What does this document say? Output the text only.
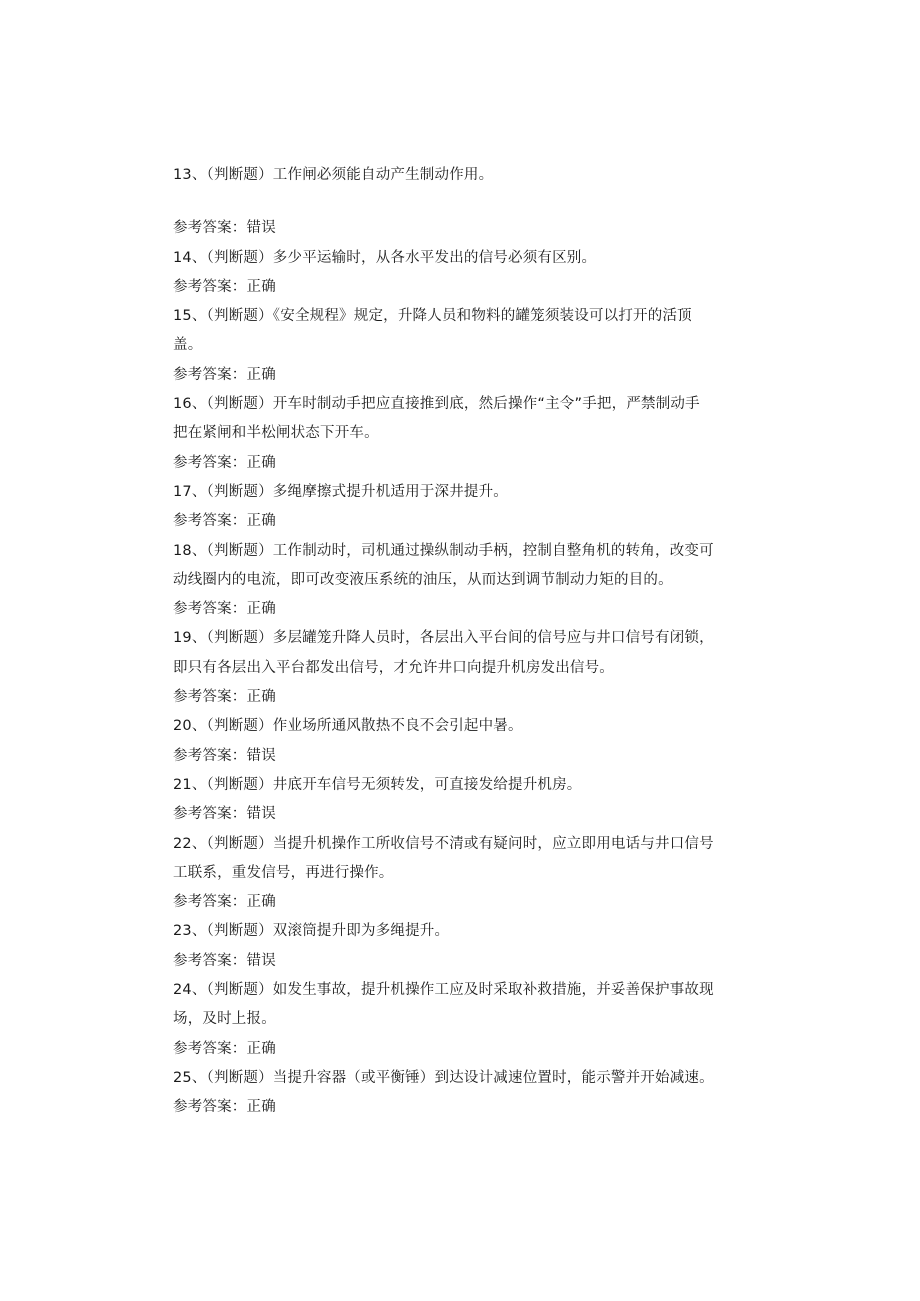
13、（判断题）工作闸必须能自动产生制动作用。
参考答案：错误
14、（判断题）多少平运输时，从各水平发出的信号必须有区别。
参考答案：正确
15、（判断题）《安全规程》规定，升降人员和物料的罐笼须装设可以打开的活顶
盖。
参考答案：正确
16、（判断题）开车时制动手把应直接推到底，然后操作“主令”手把，严禁制动手
把在紧闸和半松闸状态下开车。
参考答案：正确
17、（判断题）多绳摩擦式提升机适用于深井提升。
参考答案：正确
18、（判断题）工作制动时，司机通过操纵制动手柄，控制自整角机的转角，改变可
动线圈内的电流，即可改变液压系统的油压，从而达到调节制动力矩的目的。
参考答案：正确
19、（判断题）多层罐笼升降人员时，各层出入平台间的信号应与井口信号有闭锁，
即只有各层出入平台都发出信号，才允许井口向提升机房发出信号。
参考答案：正确
20、（判断题）作业场所通风散热不良不会引起中暑。
参考答案：错误
21、（判断题）井底开车信号无须转发，可直接发给提升机房。
参考答案：错误
22、（判断题）当提升机操作工所收信号不清或有疑问时，应立即用电话与井口信号
工联系，重发信号，再进行操作。
参考答案：正确
23、（判断题）双滚筒提升即为多绳提升。
参考答案：错误
24、（判断题）如发生事故，提升机操作工应及时采取补救措施，并妥善保护事故现
场，及时上报。
参考答案：正确
25、（判断题）当提升容器（或平衡锤）到达设计减速位置时，能示警并开始减速。
参考答案：正确
